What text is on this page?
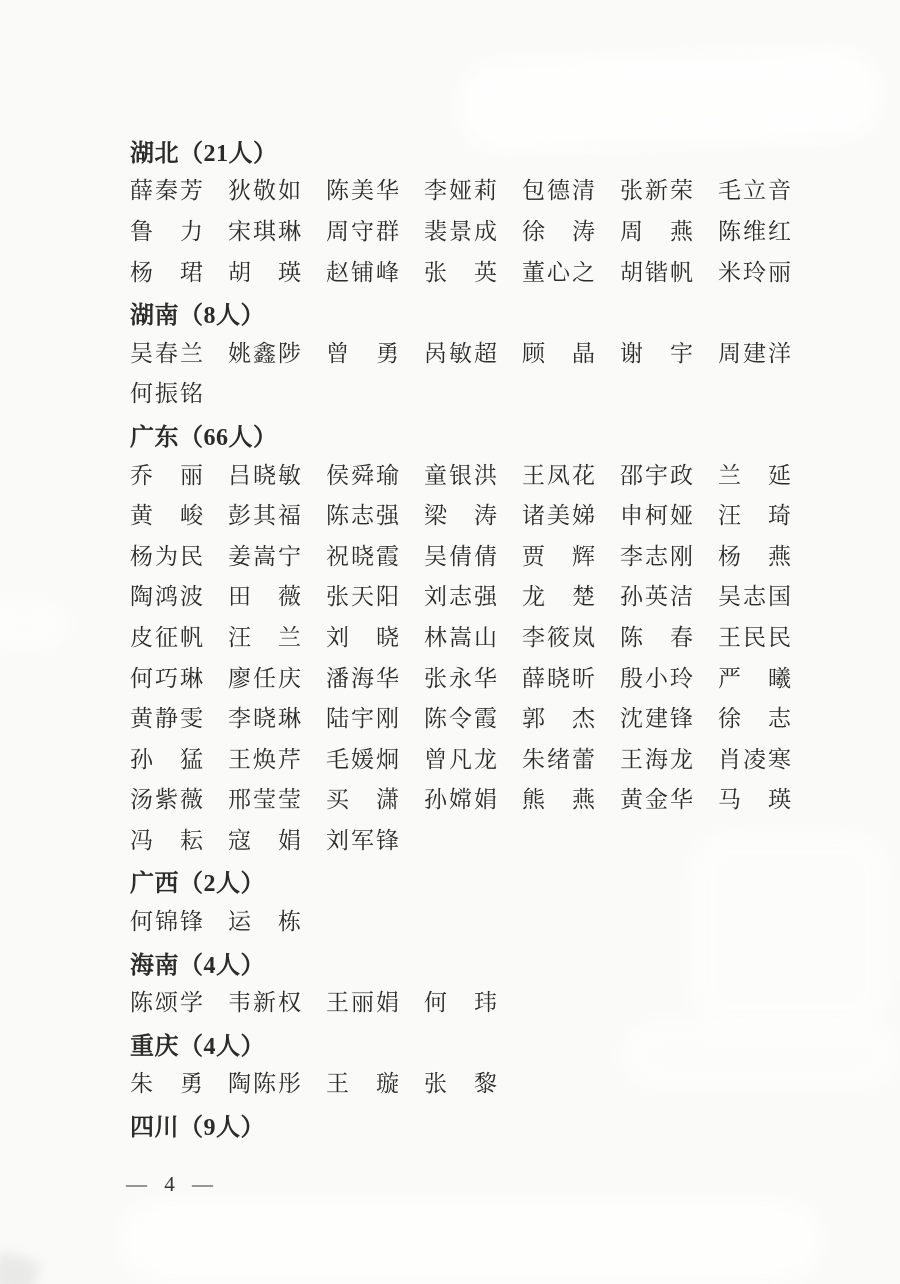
湖北（21人）
薛 秦 芳 狄 敬 如 陈 美 华 李 娅 莉 包 德 清 张 新 荣 毛 立 音
鲁 力 宋 琪 琳 周 守 群 裴 景 成 徐 涛 周 燕 陈 维 红
杨 珺 胡 瑛 赵 铺 峰 张 英 董 心 之 胡 锴 帆 米 玲 丽
湖南（8人）
吴 春 兰 姚 鑫 陟 曾 勇 呙 敏 超 顾 晶 谢 宇 周 建 洋
何 振 铭
广东（66人）
乔 丽 吕 晓 敏 侯 舜 瑜 童 银 洪 王 凤 花 邵 宇 政 兰 延
黄 峻 彭 其 福 陈 志 强 梁 涛 诸 美 娣 申 柯 娅 汪 琦
杨 为 民 姜 嵩 宁 祝 晓 霞 吴 倩 倩 贾 辉 李 志 刚 杨 燕
陶 鸿 波 田 薇 张 天 阳 刘 志 强 龙 楚 孙 英 洁 吴 志 国
皮 征 帆 汪 兰 刘 晓 林 嵩 山 李 筱 岚 陈 春 王 民 民
何 巧 琳 廖 任 庆 潘 海 华 张 永 华 薛 晓 昕 殷 小 玲 严 曦
黄 静 雯 李 晓 琳 陆 宇 刚 陈 令 霞 郭 杰 沈 建 锋 徐 志
孙 猛 王 焕 芹 毛 媛 炯 曾 凡 龙 朱 绪 蕾 王 海 龙 肖 凌 寒
汤 紫 薇 邢 莹 莹 买 潇 孙 嫦 娟 熊 燕 黄 金 华 马 瑛
冯 耘 寇 娟 刘 军 锋
广西（2人）
何 锦 锋 运 栋
海南（4人）
陈 颂 学 韦 新 权 王 丽 娟 何 玮
重庆（4人）
朱 勇 陶 陈 彤 王 璇 张 黎
四川（9人）
— 4 —
